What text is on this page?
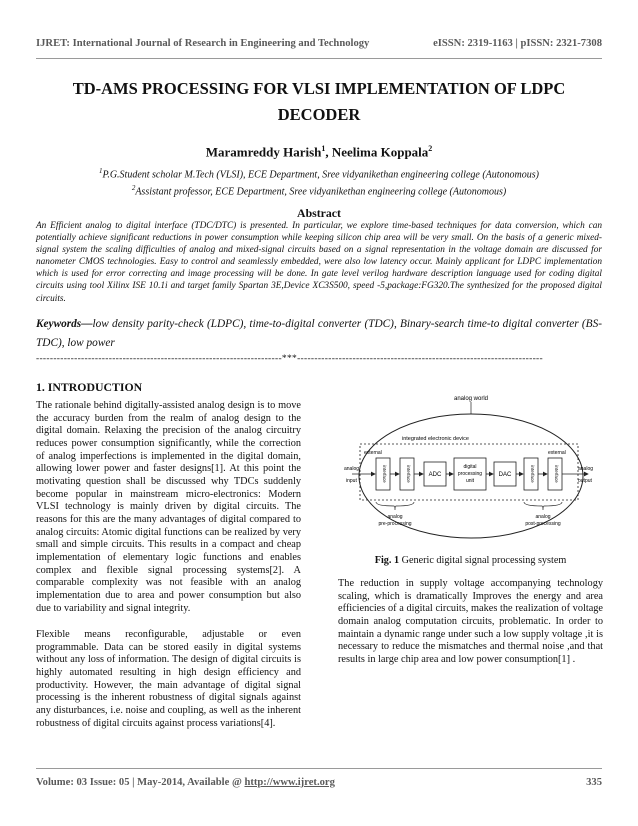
IJRET: International Journal of Research in Engineering and Technology	eISSN: 2319-1163 | pISSN: 2321-7308
TD-AMS PROCESSING FOR VLSI IMPLEMENTATION OF LDPC DECODER
Maramreddy Harish$^1$, Neelima Koppala$^2$
$^1$P.G.Student scholar M.Tech (VLSI), ECE Department, Sree vidyanikethan engineering college (Autonomous)
$^2$Assistant professor, ECE Department, Sree vidyanikethan engineering college (Autonomous)
Abstract
An Efficient analog to digital interface (TDC/DTC) is presented. In particular, we explore time-based techniques for data conversion, which can potentially achieve significant reductions in power consumption while keeping silicon chip area will be very small. On the basis of a generic mixed-signal system the scaling difficulties of analog and mixed-signal circuits based on a signal representation in the voltage domain are discussed for nanometer CMOS technologies. Easy to control and seamlessly embedded, were also low latency occur. Mainly applicant for LDPC implementation which is used for error correcting and image processing will be done. In gate level verilog hardware description language used for coding digital circuits using tool Xilinx ISE 10.1i and target family Spartan 3E,Device XC3S500, speed -5,package:FG320.The synthesized for the proposed digital circuits.
Keywords—low density parity-check (LDPC), time-to-digital converter (TDC), Binary-search time-to digital converter (BS-TDC), low power
-----------------------------------------------------------------------***-----------------------------------------------------------------------
1. INTRODUCTION
The rationale behind digitally-assisted analog design is to move the accuracy burden from the realm of analog design to the digital domain. Relaxing the precision of the analog circuitry reduces power consumption significantly, while the correction of analog imperfections is implemented in the digital domain, allowing lower power and faster designs[1]. At this point the motivating question shall be discussed why TDCs suddenly become popular in mainstream micro-electronics: Modern VLSI technology is mainly driven by digital circuits. The reasons for this are the many advantages of digital compared to analog circuits: Atomic digital functions can be realized by very small and simple circuits. This results in a compact and cheap implementation of elementary logic functions and enables complex and flexible signal processing systems[2]. A comparable complexity was not feasible with an analog implementation due to area and power consumption but also due to variability and signal integrity.
Flexible means reconfigurable, adjustable or even programmable. Data can be stored easily in digital systems without any loss of information. The design of digital circuits is highly automated resulting in high design efficiency and productivity. However, the main advantage of digital signal processing is the inherent robustness of digital signals against any disturbances, i.e. noise and coupling, as well as the inherent robustness of digital circuits against process variations[4].
analog world
integrated electronic device
external	external
interface	interface	ADC
digital
processing
unit
DAC	interface	interface
analog
input
analog
output
analog
pre-processing
analog
post-processing
Fig. 1 Generic digital signal processing system
The reduction in supply voltage accompanying technology scaling, which is dramatically Improves the energy and area efficiencies of a digital circuits, makes the realization of voltage domain analog computation circuits, problematic. In order to maintain a dynamic range under such a low supply voltage ,it is necessary to reduce the mismatches and thermal noise ,and that results in large chip area and low power consumption[1] .
Volume: 03 Issue: 05 | May-2014, Available @ http://www.ijret.org	335
